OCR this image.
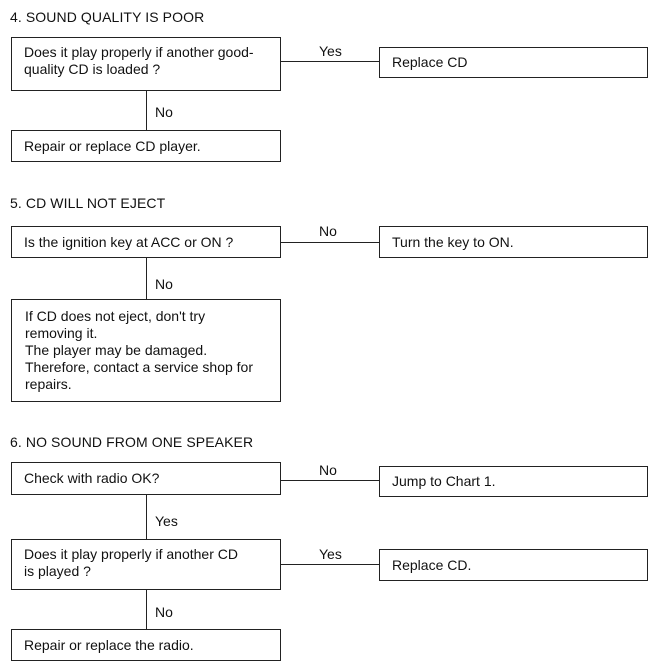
4. SOUND QUALITY IS POOR
Does it play properly if another good-
quality CD is loaded ?
Yes
Replace CD
No
Repair or replace CD player.
5. CD WILL NOT EJECT
Is the ignition key at ACC or ON ?
No
Turn the key to ON.
No
If CD does not eject, don't try
removing it.
The player may be damaged.
Therefore, contact a service shop for
repairs.
6. NO SOUND FROM ONE SPEAKER
Check with radio OK?	No
Jump to Chart 1.
Yes
Does it play properly if another CD
is played ?
Yes
Replace CD.
No
Repair or replace the radio.
